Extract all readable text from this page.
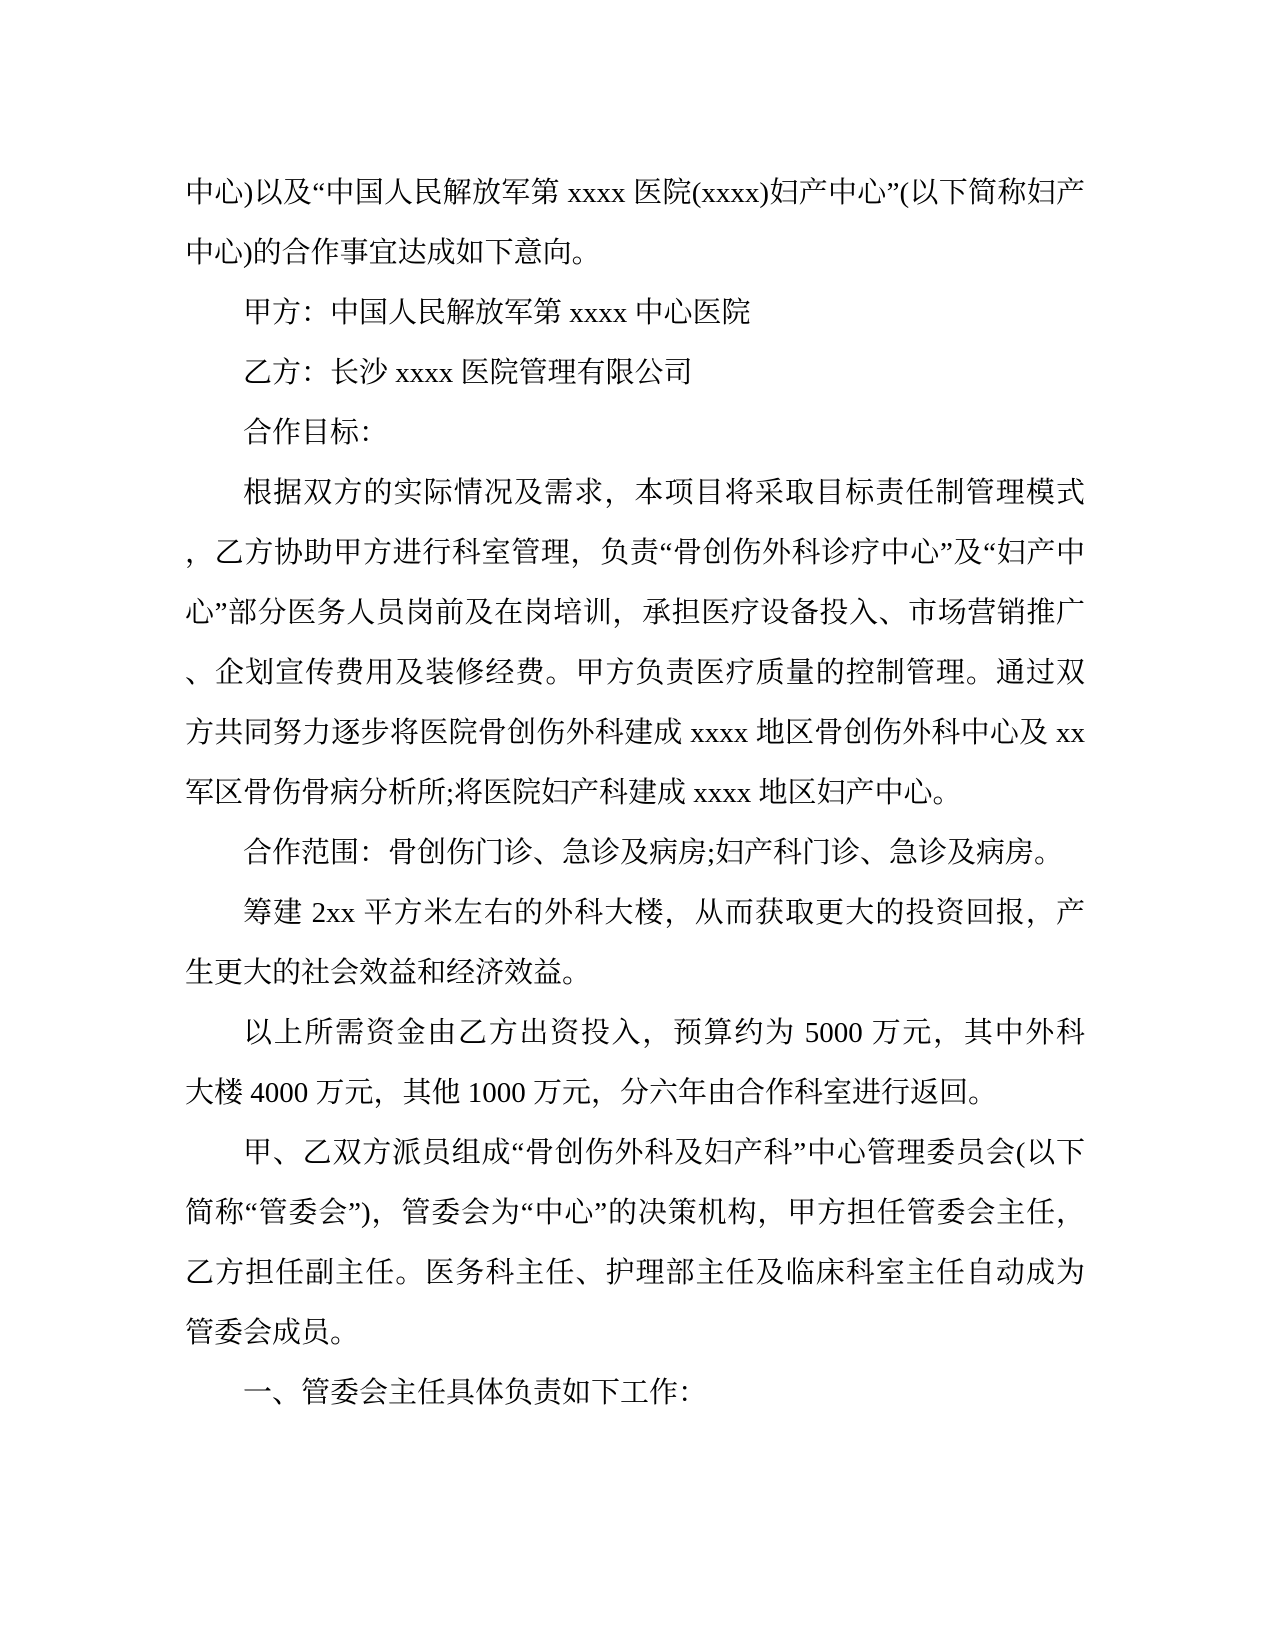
中心)以及“中国人民解放军第 xxxx 医院(xxxx)妇产中心”(以下简称妇产
中心)的合作事宜达成如下意向。
甲方：中国人民解放军第 xxxx 中心医院
乙方：长沙 xxxx 医院管理有限公司
合作目标：
根据双方的实际情况及需求，本项目将采取目标责任制管理模式
，乙方协助甲方进行科室管理，负责“骨创伤外科诊疗中心”及“妇产中
心”部分医务人员岗前及在岗培训，承担医疗设备投入、市场营销推广
、企划宣传费用及装修经费。甲方负责医疗质量的控制管理。通过双
方共同努力逐步将医院骨创伤外科建成 xxxx 地区骨创伤外科中心及 xx
军区骨伤骨病分析所;将医院妇产科建成 xxxx 地区妇产中心。
合作范围：骨创伤门诊、急诊及病房;妇产科门诊、急诊及病房。
筹建 2xx 平方米左右的外科大楼，从而获取更大的投资回报，产
生更大的社会效益和经济效益。
以上所需资金由乙方出资投入，预算约为 5000 万元，其中外科
大楼 4000 万元，其他 1000 万元，分六年由合作科室进行返回。
甲、乙双方派员组成“骨创伤外科及妇产科”中心管理委员会(以下
简称“管委会”)，管委会为“中心”的决策机构，甲方担任管委会主任，
乙方担任副主任。医务科主任、护理部主任及临床科室主任自动成为
管委会成员。
一、管委会主任具体负责如下工作：
